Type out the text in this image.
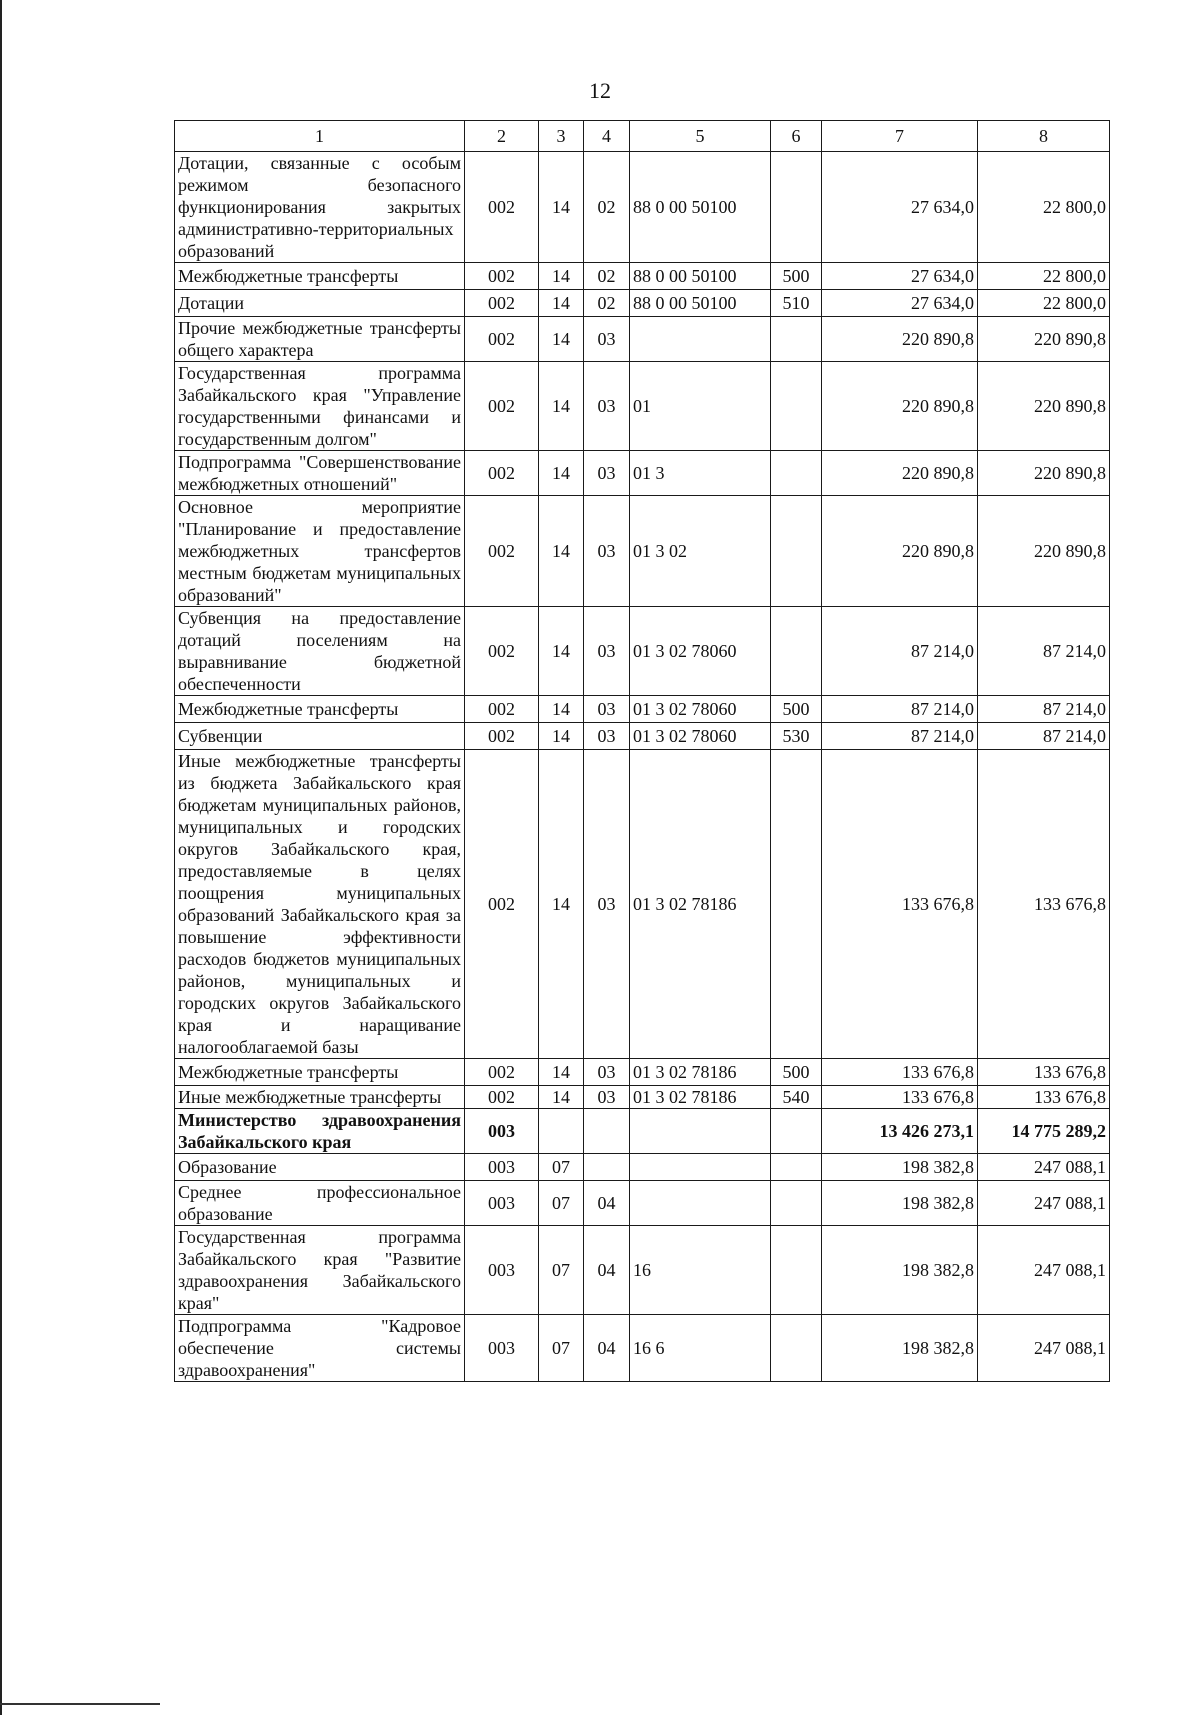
12
1	2	3	4	5	6	7	8
Дотации, связанные с особым режимом безопасного функционирования закрытых административно-территориальных образований	002	14	02	88 0 00 50100		27 634,0	22 800,0
Межбюджетные трансферты	002	14	02	88 0 00 50100	500	27 634,0	22 800,0
Дотации	002	14	02	88 0 00 50100	510	27 634,0	22 800,0
Прочие межбюджетные трансферты общего характера	002	14	03			220 890,8	220 890,8
Государственная программа Забайкальского края "Управление государственными финансами и государственным долгом"	002	14	03	01		220 890,8	220 890,8
Подпрограмма "Совершенствование межбюджетных отношений"	002	14	03	01 3		220 890,8	220 890,8
Основное мероприятие "Планирование и предоставление межбюджетных трансфертов местным бюджетам муниципальных образований"	002	14	03	01 3 02		220 890,8	220 890,8
Субвенция на предоставление дотаций поселениям на выравнивание бюджетной обеспеченности	002	14	03	01 3 02 78060		87 214,0	87 214,0
Межбюджетные трансферты	002	14	03	01 3 02 78060	500	87 214,0	87 214,0
Субвенции	002	14	03	01 3 02 78060	530	87 214,0	87 214,0
Иные межбюджетные трансферты из бюджета Забайкальского края бюджетам муниципальных районов, муниципальных и городских округов Забайкальского края, предоставляемые в целях поощрения муниципальных образований Забайкальского края за повышение эффективности расходов бюджетов муниципальных районов, муниципальных и городских округов Забайкальского края и наращивание налогооблагаемой базы	002	14	03	01 3 02 78186		133 676,8	133 676,8
Межбюджетные трансферты	002	14	03	01 3 02 78186	500	133 676,8	133 676,8
Иные межбюджетные трансферты	002	14	03	01 3 02 78186	540	133 676,8	133 676,8
Министерство здравоохранения Забайкальского края	003					13 426 273,1	14 775 289,2
Образование	003	07				198 382,8	247 088,1
Среднее профессиональное образование	003	07	04			198 382,8	247 088,1
Государственная программа Забайкальского края "Развитие здравоохранения Забайкальского края"	003	07	04	16		198 382,8	247 088,1
Подпрограмма "Кадровое обеспечение системы здравоохранения"	003	07	04	16 6		198 382,8	247 088,1
